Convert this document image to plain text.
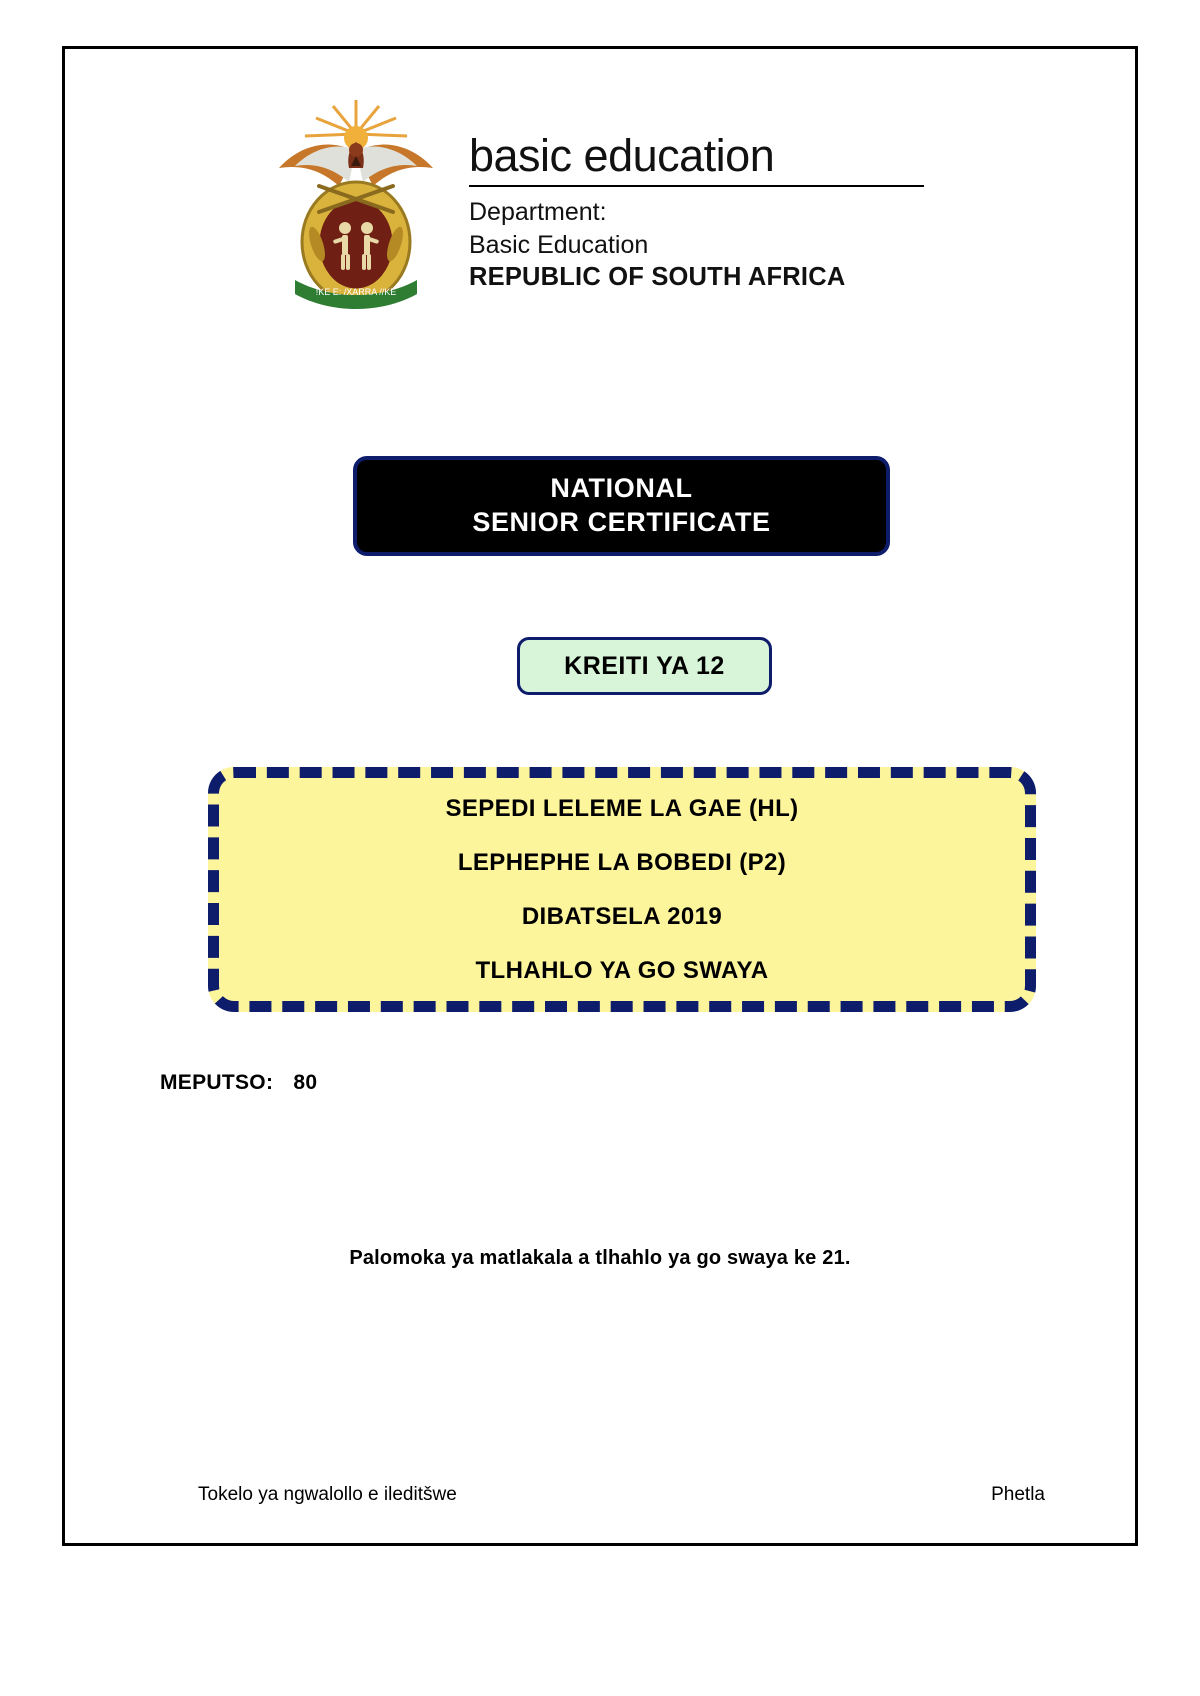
!KE E: /XARRA //KE
basic education
Department:
Basic Education
REPUBLIC OF SOUTH AFRICA
NATIONAL
SENIOR CERTIFICATE
KREITI YA 12
SEPEDI LELEME LA GAE (HL)
LEPHEPHE LA BOBEDI (P2)
DIBATSELA 2019
TLHAHLO YA GO SWAYA
MEPUTSO: 80
Palomoka ya matlakala a tlhahlo ya go swaya ke 21.
Tokelo ya ngwalollo e ileditšwe	Phetla
